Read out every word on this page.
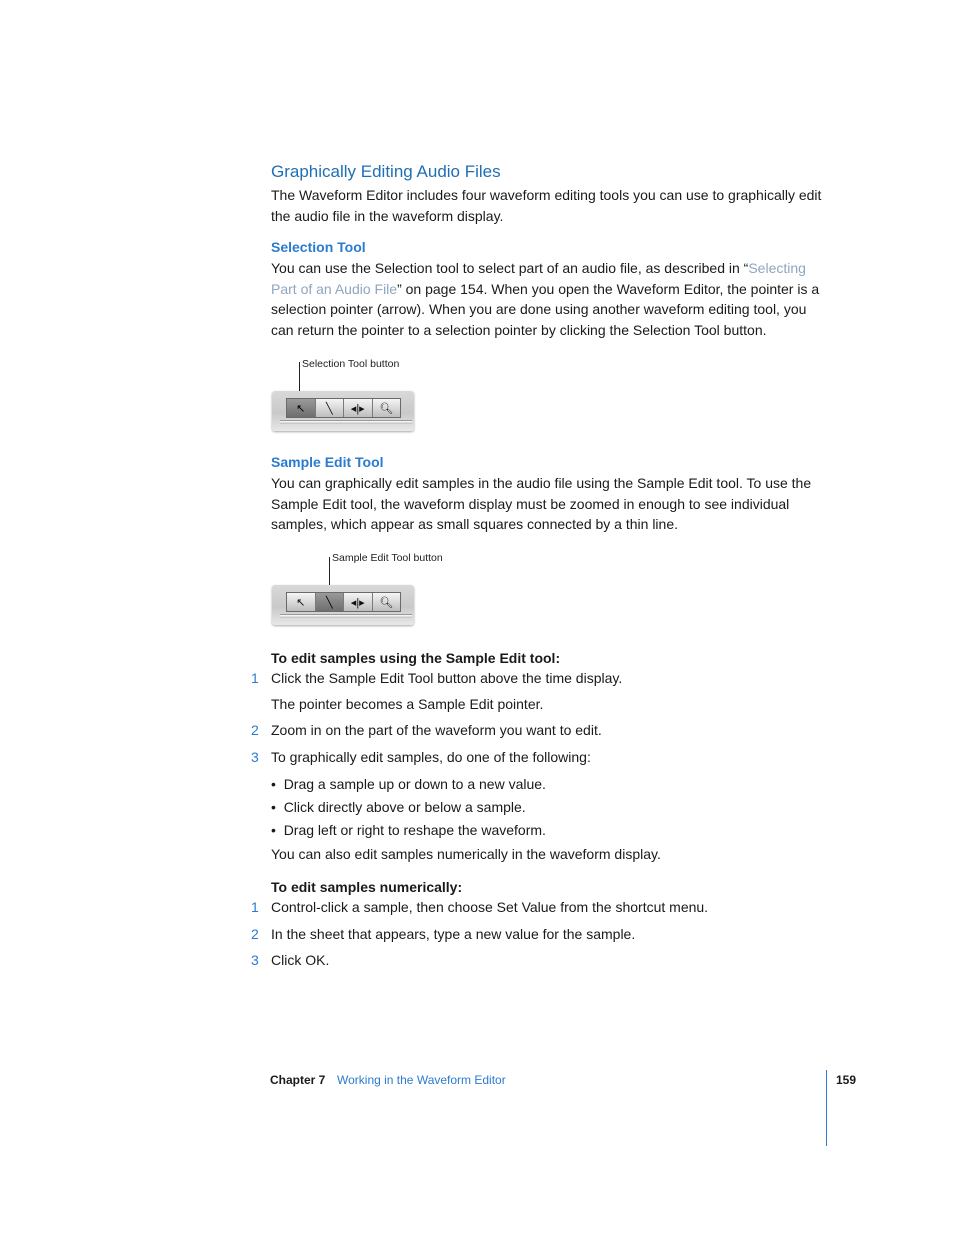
Graphically Editing Audio Files
The Waveform Editor includes four waveform editing tools you can use to graphically edit the audio file in the waveform display.
Selection Tool
You can use the Selection tool to select part of an audio file, as described in “Selecting Part of an Audio File” on page 154. When you open the Waveform Editor, the pointer is a selection pointer (arrow). When you are done using another waveform editing tool, you can return the pointer to a selection pointer by clicking the Selection Tool button.
Selection Tool button
↖	╲	◂|▸	🔍︎
Sample Edit Tool
You can graphically edit samples in the audio file using the Sample Edit tool. To use the Sample Edit tool, the waveform display must be zoomed in enough to see individual samples, which appear as small squares connected by a thin line.
Sample Edit Tool button
↖	╲	◂|▸	🔍︎
To edit samples using the Sample Edit tool:
1 Click the Sample Edit Tool button above the time display.
The pointer becomes a Sample Edit pointer.
2 Zoom in on the part of the waveform you want to edit.
3 To graphically edit samples, do one of the following:
•  Drag a sample up or down to a new value.
•  Click directly above or below a sample.
•  Drag left or right to reshape the waveform.
You can also edit samples numerically in the waveform display.
To edit samples numerically:
1 Control-click a sample, then choose Set Value from the shortcut menu.
2 In the sheet that appears, type a new value for the sample.
3 Click OK.
Chapter 7 Working in the Waveform Editor	159
